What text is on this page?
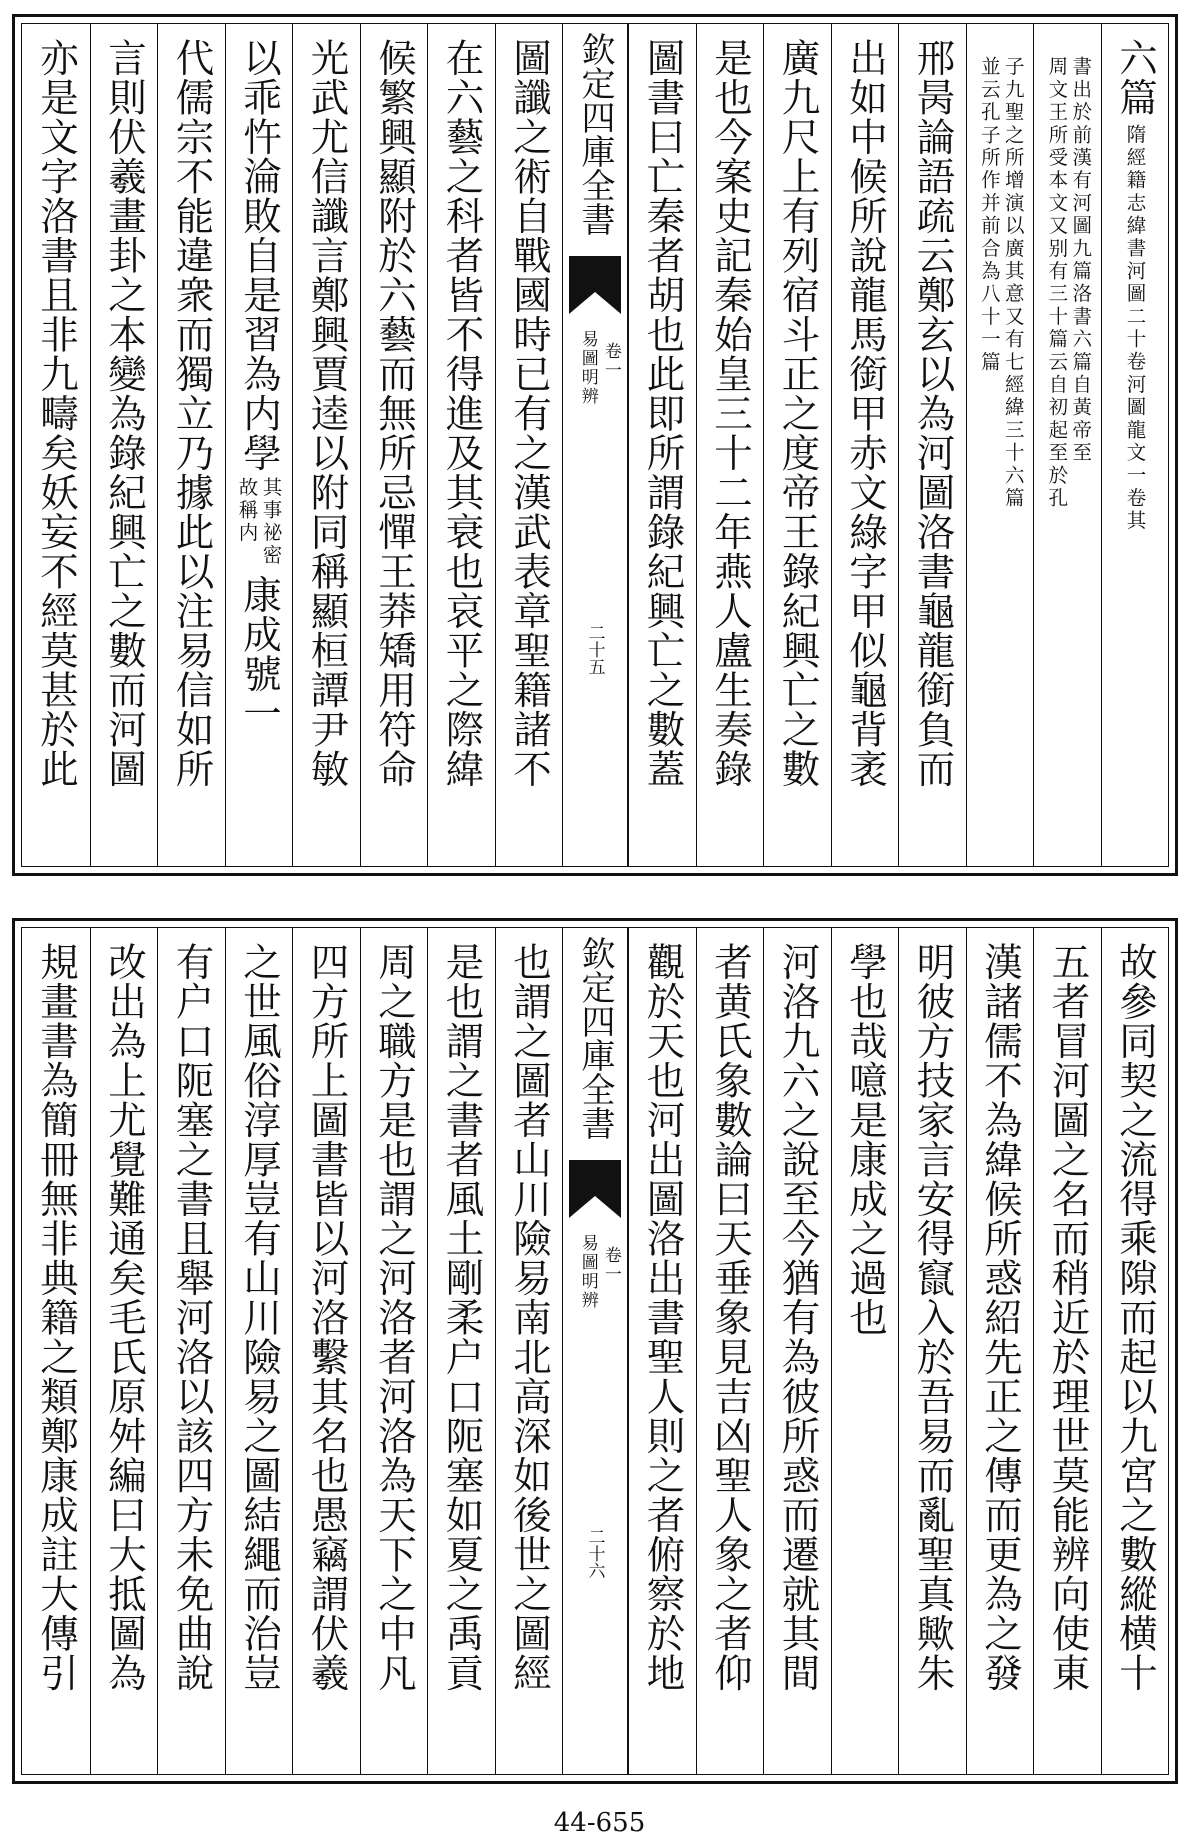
欽定四庫全書
易圖明辨 卷一
二十五
六篇
隋經籍志緯書河圖二十卷河圖龍文一卷其
書出於前漢有河圖九篇洛書六篇自黃帝至
周文王所受本文又别有三十篇云自初起至於孔
子九聖之所增演以廣其意又有七經緯三十六篇
並云孔子所作并前合為八十一篇
邢昺論語疏云鄭玄以為河圖洛書龜龍銜負而
出如中候所說龍馬銜甲赤文綠字甲似龜背袤
廣九尺上有列宿斗正之度帝王錄紀興亡之數
是也今案史記秦始皇三十二年燕人盧生奏錄
圖書曰亡秦者胡也此即所謂錄紀興亡之數蓋
圖讖之術自戰國時已有之漢武表章聖籍諸不
在六藝之科者皆不得進及其衰也哀平之際緯
候繁興顯附於六藝而無所忌憚王莽矯用符命
光武尤信讖言鄭興賈逵以附同稱顯桓譚尹敏
以乖忤淪敗自是習為内學
其事祕密
故稱内
康成號一
代儒宗不能違衆而獨立乃據此以注易信如所
言則伏羲畫卦之本變為錄紀興亡之數而河圖
亦是文字洛書且非九疇矣妖妄不經莫甚於此
欽定四庫全書
易圖明辨 卷一
二十六	故參同契之流得乘隙而起以九宮之數縱横十
五者冒河圖之名而稍近於理世莫能辨向使東
漢諸儒不為緯候所惑紹先正之傳而更為之發
明彼方技家言安得竄入於吾易而亂聖真歟朱
學也哉噫是康成之過也
河洛九六之說至今猶有為彼所惑而遷就其間
者黄氏象數論曰天垂象見吉凶聖人象之者仰
觀於天也河出圖洛出書聖人則之者俯察於地
也謂之圖者山川險易南北高深如後世之圖經
是也謂之書者風土剛柔户口阨塞如夏之禹貢
周之職方是也謂之河洛者河洛為天下之中凡
四方所上圖書皆以河洛繫其名也愚竊謂伏羲
之世風俗淳厚豈有山川險易之圖結繩而治豈
有户口阨塞之書且舉河洛以該四方未免曲說
改出為上尤覺難通矣毛氏原舛編曰大抵圖為
規畫書為簡冊無非典籍之類鄭康成註大傳引
44-655
